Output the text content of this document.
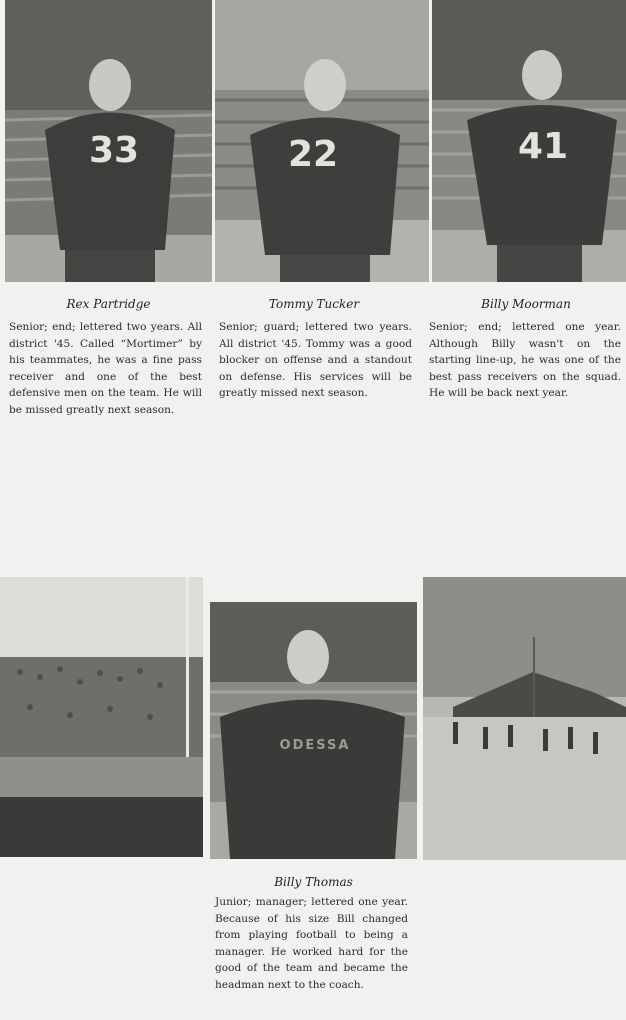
33	22	41
Rex Partridge	Tommy Tucker	Billy Moorman
Senior; end; lettered two years. All district '45. Called “Mortimer” by his teammates, he was a fine pass receiver and one of the best defensive men on the team. He will be missed greatly next season.
Senior; guard; lettered two years. All district '45. Tommy was a good blocker on offense and a standout on defense. His services will be greatly missed next season.
Senior; end; lettered one year. Although Billy wasn't on the starting line-up, he was one of the best pass receivers on the squad. He will be back next year.
ODESSA
Billy Thomas
Junior; manager; lettered one year. Because of his size Bill changed from playing football to being a manager. He worked hard for the good of the team and became the headman next to the coach.
